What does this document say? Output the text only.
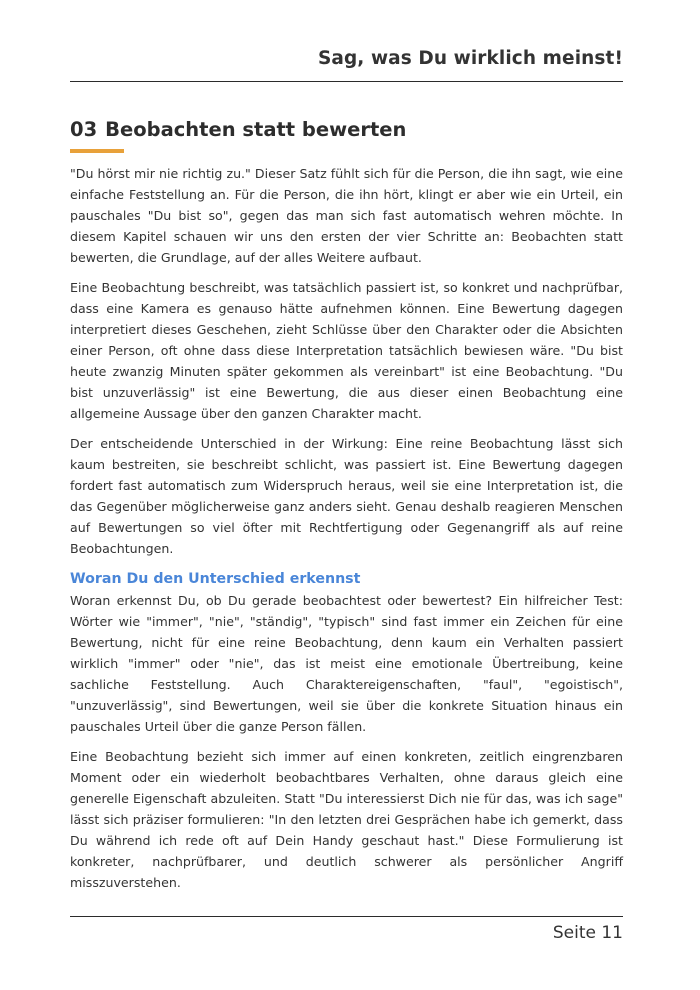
Sag, was Du wirklich meinst!
03 Beobachten statt bewerten

"Du hörst mir nie richtig zu." Dieser Satz fühlt sich für die Person, die ihn sagt, wie eine einfache Feststellung an. Für die Person, die ihn hört, klingt er aber wie ein Urteil, ein pauschales "Du bist so", gegen das man sich fast automatisch wehren möchte. In diesem Kapitel schauen wir uns den ersten der vier Schritte an: Beobachten statt bewerten, die Grundlage, auf der alles Weitere aufbaut.

Eine Beobachtung beschreibt, was tatsächlich passiert ist, so konkret und nachprüfbar, dass eine Kamera es genauso hätte aufnehmen können. Eine Bewertung dagegen interpretiert dieses Geschehen, zieht Schlüsse über den Charakter oder die Absichten einer Person, oft ohne dass diese Interpretation tatsächlich bewiesen wäre. "Du bist heute zwanzig Minuten später gekommen als vereinbart" ist eine Beobachtung. "Du bist unzuverlässig" ist eine Bewertung, die aus dieser einen Beobachtung eine allgemeine Aussage über den ganzen Charakter macht.

Der entscheidende Unterschied in der Wirkung: Eine reine Beobachtung lässt sich kaum bestreiten, sie beschreibt schlicht, was passiert ist. Eine Bewertung dagegen fordert fast automatisch zum Widerspruch heraus, weil sie eine Interpretation ist, die das Gegenüber möglicherweise ganz anders sieht. Genau deshalb reagieren Menschen auf Bewertungen so viel öfter mit Rechtfertigung oder Gegenangriff als auf reine Beobachtungen.

Woran Du den Unterschied erkennst

Woran erkennst Du, ob Du gerade beobachtest oder bewertest? Ein hilfreicher Test: Wörter wie "immer", "nie", "ständig", "typisch" sind fast immer ein Zeichen für eine Bewertung, nicht für eine reine Beobachtung, denn kaum ein Verhalten passiert wirklich "immer" oder "nie", das ist meist eine emotionale Übertreibung, keine sachliche Feststellung. Auch Charaktereigenschaften, "faul", "egoistisch", "unzuverlässig", sind Bewertungen, weil sie über die konkrete Situation hinaus ein pauschales Urteil über die ganze Person fällen.

Eine Beobachtung bezieht sich immer auf einen konkreten, zeitlich eingrenzbaren Moment oder ein wiederholt beobachtbares Verhalten, ohne daraus gleich eine generelle Eigenschaft abzuleiten. Statt "Du interessierst Dich nie für das, was ich sage" lässt sich präziser formulieren: "In den letzten drei Gesprächen habe ich gemerkt, dass Du während ich rede oft auf Dein Handy geschaut hast." Diese Formulierung ist konkreter, nachprüfbarer, und deutlich schwerer als persönlicher Angriff misszuverstehen.

Seite 11
